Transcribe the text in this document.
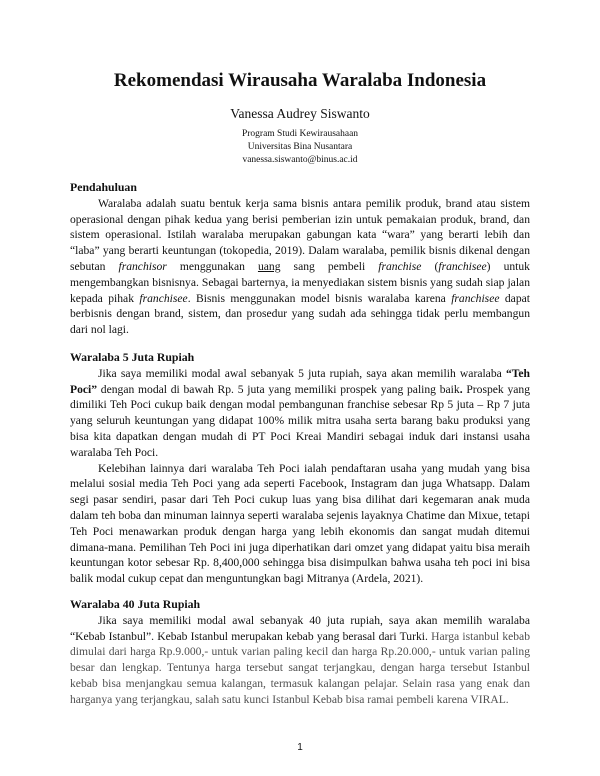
Rekomendasi Wirausaha Waralaba Indonesia
Vanessa Audrey Siswanto
Program Studi Kewirausahaan
Universitas Bina Nusantara
vanessa.siswanto@binus.ac.id

Pendahuluan

Waralaba adalah suatu bentuk kerja sama bisnis antara pemilik produk, brand atau sistem operasional dengan pihak kedua yang berisi pemberian izin untuk pemakaian produk, brand, dan sistem operasional. Istilah waralaba merupakan gabungan kata “wara” yang berarti lebih dan “laba” yang berarti keuntungan (tokopedia, 2019). Dalam waralaba, pemilik bisnis dikenal dengan sebutan franchisor menggunakan uang sang pembeli franchise (franchisee) untuk mengembangkan bisnisnya. Sebagai barternya, ia menyediakan sistem bisnis yang sudah siap jalan kepada pihak franchisee. Bisnis menggunakan model bisnis waralaba karena franchisee dapat berbisnis dengan brand, sistem, dan prosedur yang sudah ada sehingga tidak perlu membangun dari nol lagi.

Waralaba 5 Juta Rupiah

Jika saya memiliki modal awal sebanyak 5 juta rupiah, saya akan memilih waralaba “Teh Poci” dengan modal di bawah Rp. 5 juta yang memiliki prospek yang paling baik. Prospek yang dimiliki Teh Poci cukup baik dengan modal pembangunan franchise sebesar Rp 5 juta – Rp 7 juta yang seluruh keuntungan yang didapat 100% milik mitra usaha serta barang baku produksi yang bisa kita dapatkan dengan mudah di PT Poci Kreai Mandiri sebagai induk dari instansi usaha waralaba Teh Poci.

Kelebihan lainnya dari waralaba Teh Poci ialah pendaftaran usaha yang mudah yang bisa melalui sosial media Teh Poci yang ada seperti Facebook, Instagram dan juga Whatsapp. Dalam segi pasar sendiri, pasar dari Teh Poci cukup luas yang bisa dilihat dari kegemaran anak muda dalam teh boba dan minuman lainnya seperti waralaba sejenis layaknya Chatime dan Mixue, tetapi Teh Poci menawarkan produk dengan harga yang lebih ekonomis dan sangat mudah ditemui dimana-mana. Pemilihan Teh Poci ini juga diperhatikan dari omzet yang didapat yaitu bisa meraih keuntungan kotor sebesar Rp. 8,400,000 sehingga bisa disimpulkan bahwa usaha teh poci ini bisa balik modal cukup cepat dan menguntungkan bagi Mitranya (Ardela, 2021).

Waralaba 40 Juta Rupiah

Jika saya memiliki modal awal sebanyak 40 juta rupiah, saya akan memilih waralaba “Kebab Istanbul”. Kebab Istanbul merupakan kebab yang berasal dari Turki. Harga istanbul kebab dimulai dari harga Rp.9.000,- untuk varian paling kecil dan harga Rp.20.000,- untuk varian paling besar dan lengkap. Tentunya harga tersebut sangat terjangkau, dengan harga tersebut Istanbul kebab bisa menjangkau semua kalangan, termasuk kalangan pelajar. Selain rasa yang enak dan harganya yang terjangkau, salah satu kunci Istanbul Kebab bisa ramai pembeli karena VIRAL.

1
